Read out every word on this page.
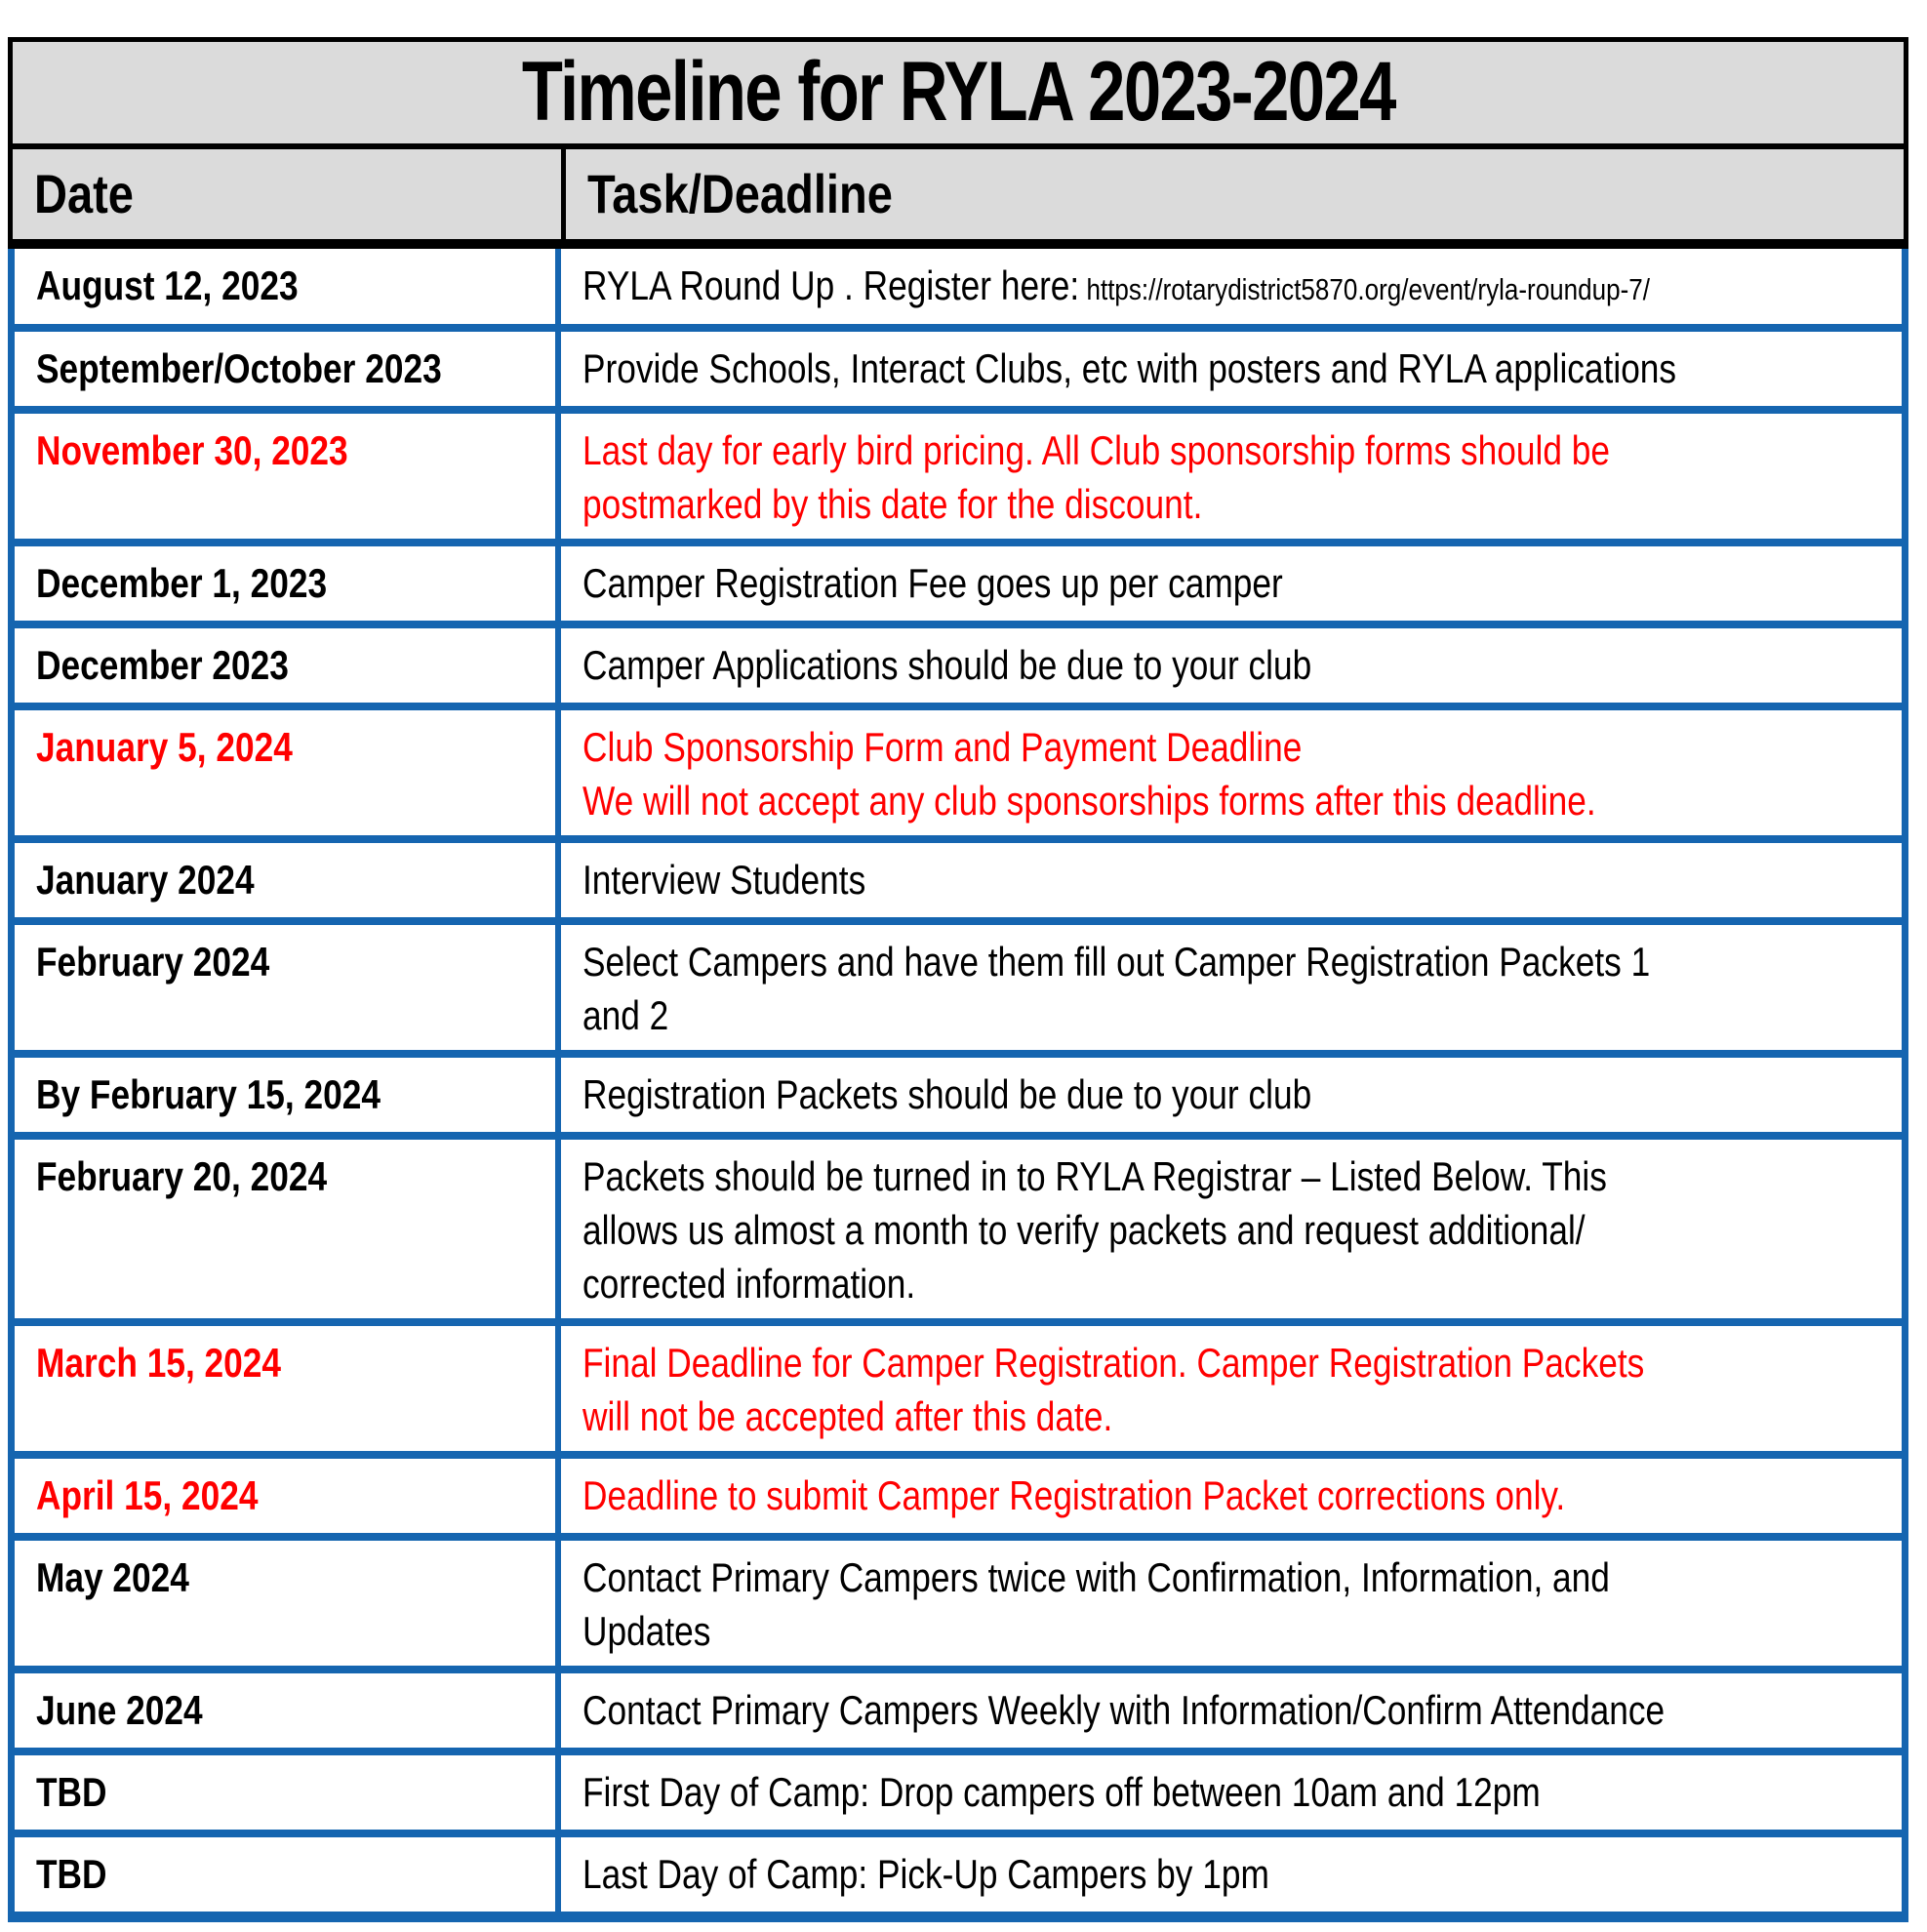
Timeline for RYLA 2023-2024
Date	Task/Deadline
August 12, 2023	RYLA Round Up . Register here: https://rotarydistrict5870.org/event/ryla-roundup-7/
September/October 2023	Provide Schools, Interact Clubs, etc with posters and RYLA applications
November 30, 2023	Last day for early bird pricing. All Club sponsorship forms should be
postmarked by this date for the discount.
December 1, 2023	Camper Registration Fee goes up per camper
December 2023	Camper Applications should be due to your club
January 5, 2024	Club Sponsorship Form and Payment Deadline
We will not accept any club sponsorships forms after this deadline.
January 2024	Interview Students
February 2024	Select Campers and have them fill out Camper Registration Packets 1
and 2
By February 15, 2024	Registration Packets should be due to your club
February 20, 2024	Packets should be turned in to RYLA Registrar – Listed Below. This
allows us almost a month to verify packets and request additional/
corrected information.
March 15, 2024	Final Deadline for Camper Registration. Camper Registration Packets
will not be accepted after this date.
April 15, 2024	Deadline to submit Camper Registration Packet corrections only.
May 2024	Contact Primary Campers twice with Confirmation, Information, and
Updates
June 2024	Contact Primary Campers Weekly with Information/Confirm Attendance
TBD	First Day of Camp: Drop campers off between 10am and 12pm
TBD	Last Day of Camp: Pick-Up Campers by 1pm
